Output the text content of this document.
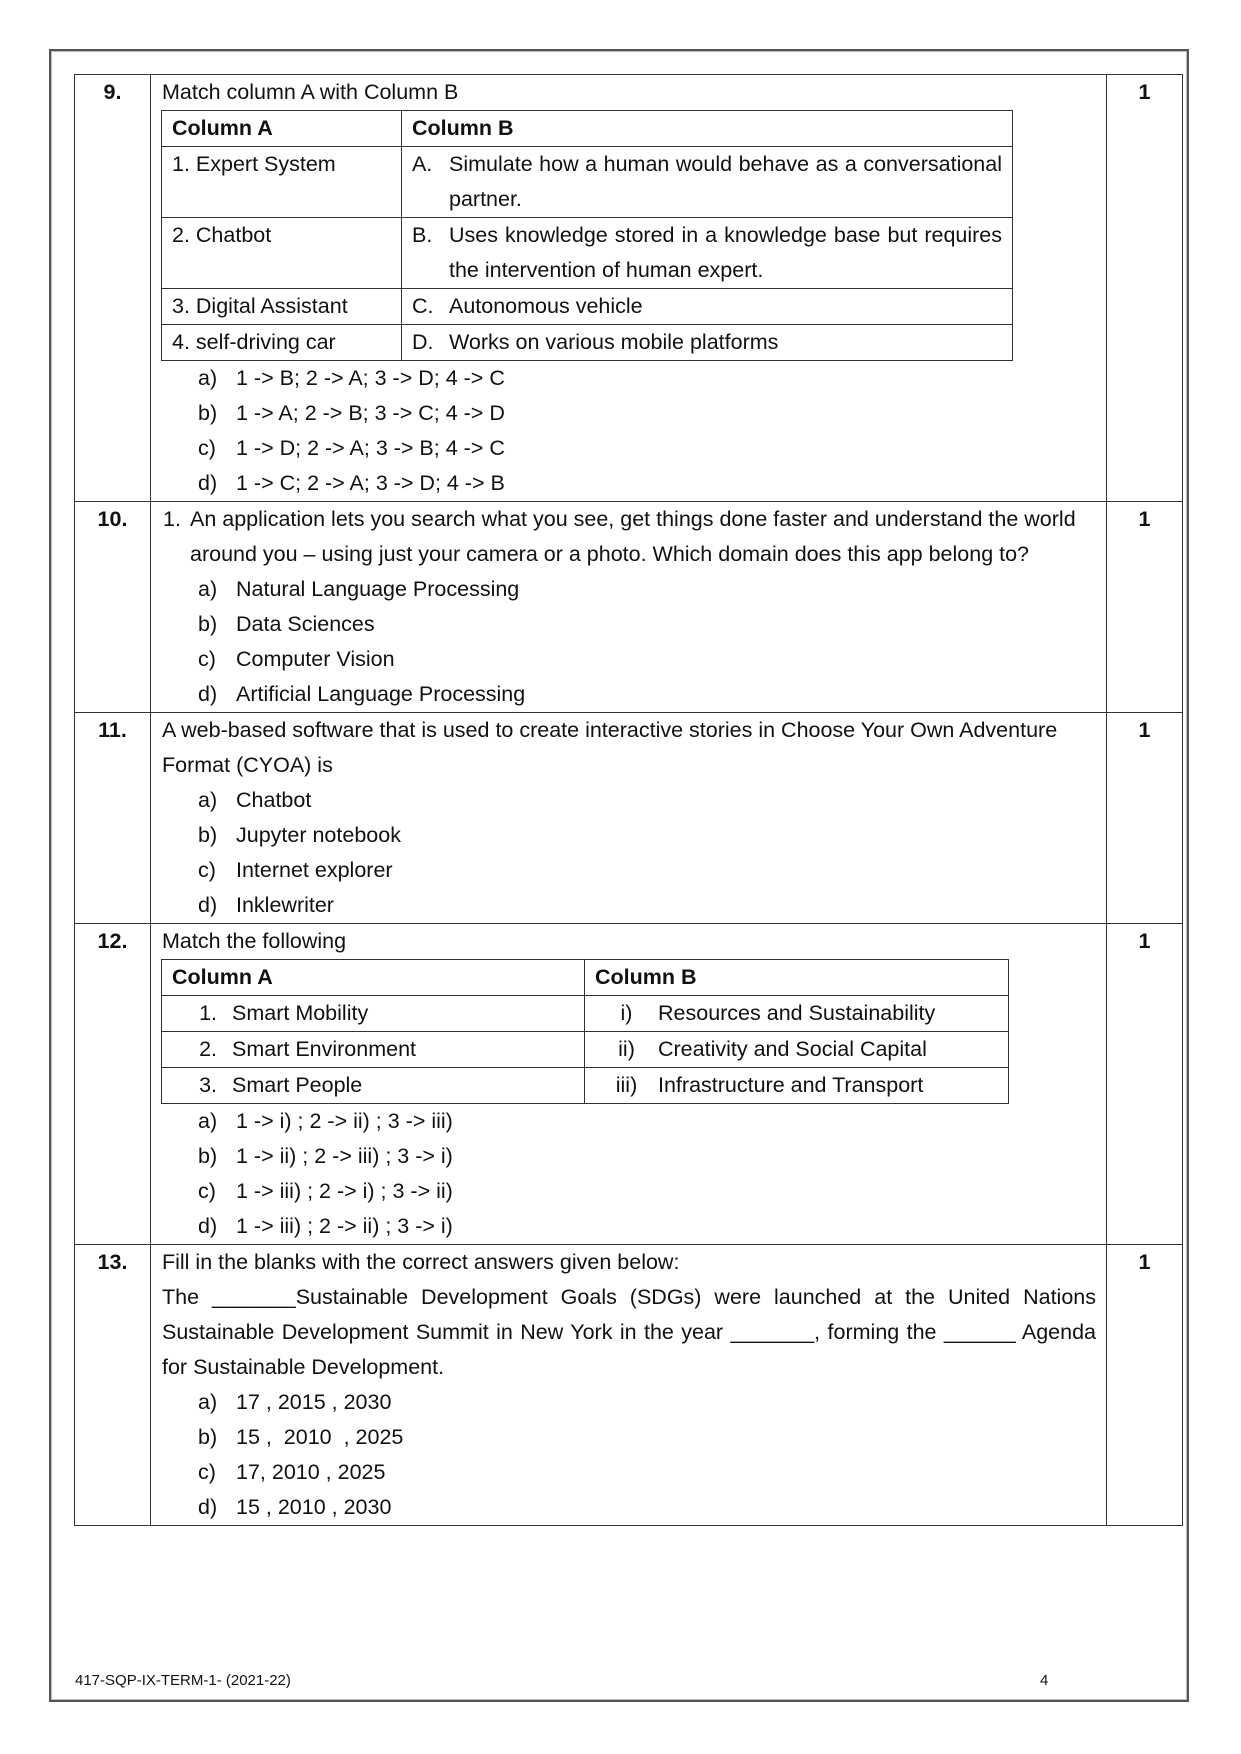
9.	Match column A with Column B
Column A	Column B
1. Expert System	A. Simulate how a human would behave as a conversational partner.

2. Chatbot	B. Uses knowledge stored in a knowledge base but requires the intervention of human expert.

3. Digital Assistant	C. Autonomous vehicle

4. self-driving car	D. Works on various mobile platforms
a) 1 -> B; 2 -> A; 3 -> D; 4 -> C
b) 1 -> A; 2 -> B; 3 -> C; 4 -> D
c) 1 -> D; 2 -> A; 3 -> B; 4 -> C
d) 1 -> C; 2 -> A; 3 -> D; 4 -> B
	1
10.	1. An application lets you search what you see, get things done faster and understand the world around you – using just your camera or a photo. Which domain does this app belong to?
a) Natural Language Processing
b) Data Sciences
c) Computer Vision
d) Artificial Language Processing
	1
11.	A web-based software that is used to create interactive stories in Choose Your Own Adventure Format (CYOA) is
a) Chatbot
b) Jupyter notebook
c) Internet explorer
d) Inklewriter
	1
12.	Match the following
Column A	Column B

1. Smart Mobility	i)	Resources and Sustainability

2. Smart Environment	ii)	Creativity and Social Capital

3. Smart People	iii) Infrastructure and Transport
a) 1 -> i) ; 2 -> ii) ; 3 -> iii)
b) 1 -> ii) ; 2 -> iii) ; 3 -> i)
c) 1 -> iii) ; 2 -> i) ; 3 -> ii)
d) 1 -> iii) ; 2 -> ii) ; 3 -> i)
	1
13.	Fill in the blanks with the correct answers given below:
The _______Sustainable Development Goals (SDGs) were launched at the United Nations Sustainable Development Summit in New York in the year _______, forming the ______ Agenda for Sustainable Development.
a) 17 , 2015 , 2030
b) 15 ,  2010  , 2025
c) 17, 2010 , 2025
d) 15 , 2010 , 2030
	1
417-SQP-IX-TERM-1- (2021-22)	4
